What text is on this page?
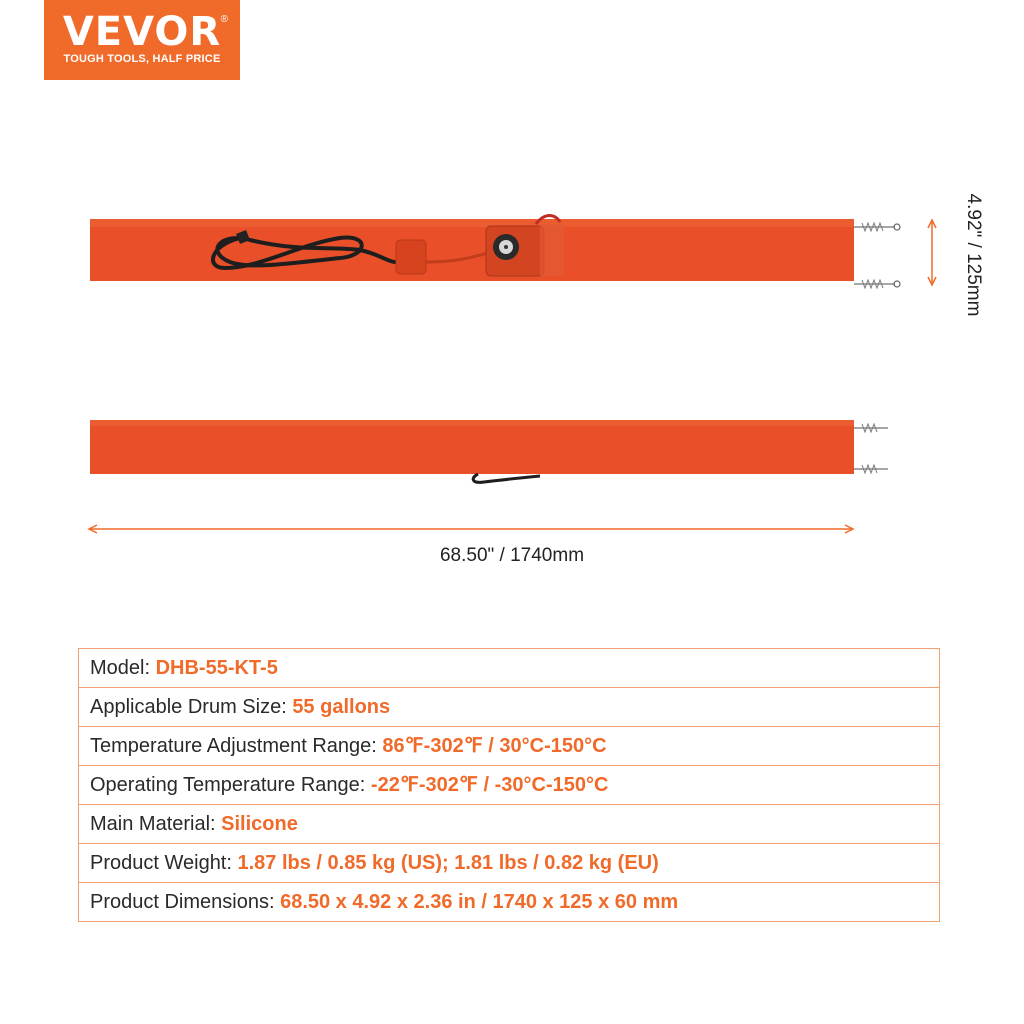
VEVOR ®
TOUGH TOOLS, HALF PRICE
68.50" / 1740mm
4.92" / 125mm
Model: DHB-55-KT-5
Applicable Drum Size: 55 gallons
Temperature Adjustment Range: 86℉-302℉ / 30°C-150°C
Operating Temperature Range: -22℉-302℉ / -30°C-150°C
Main Material: Silicone
Product Weight: 1.87 lbs / 0.85 kg (US); 1.81 lbs / 0.82 kg (EU)
Product Dimensions: 68.50 x 4.92 x 2.36 in / 1740 x 125 x 60 mm
